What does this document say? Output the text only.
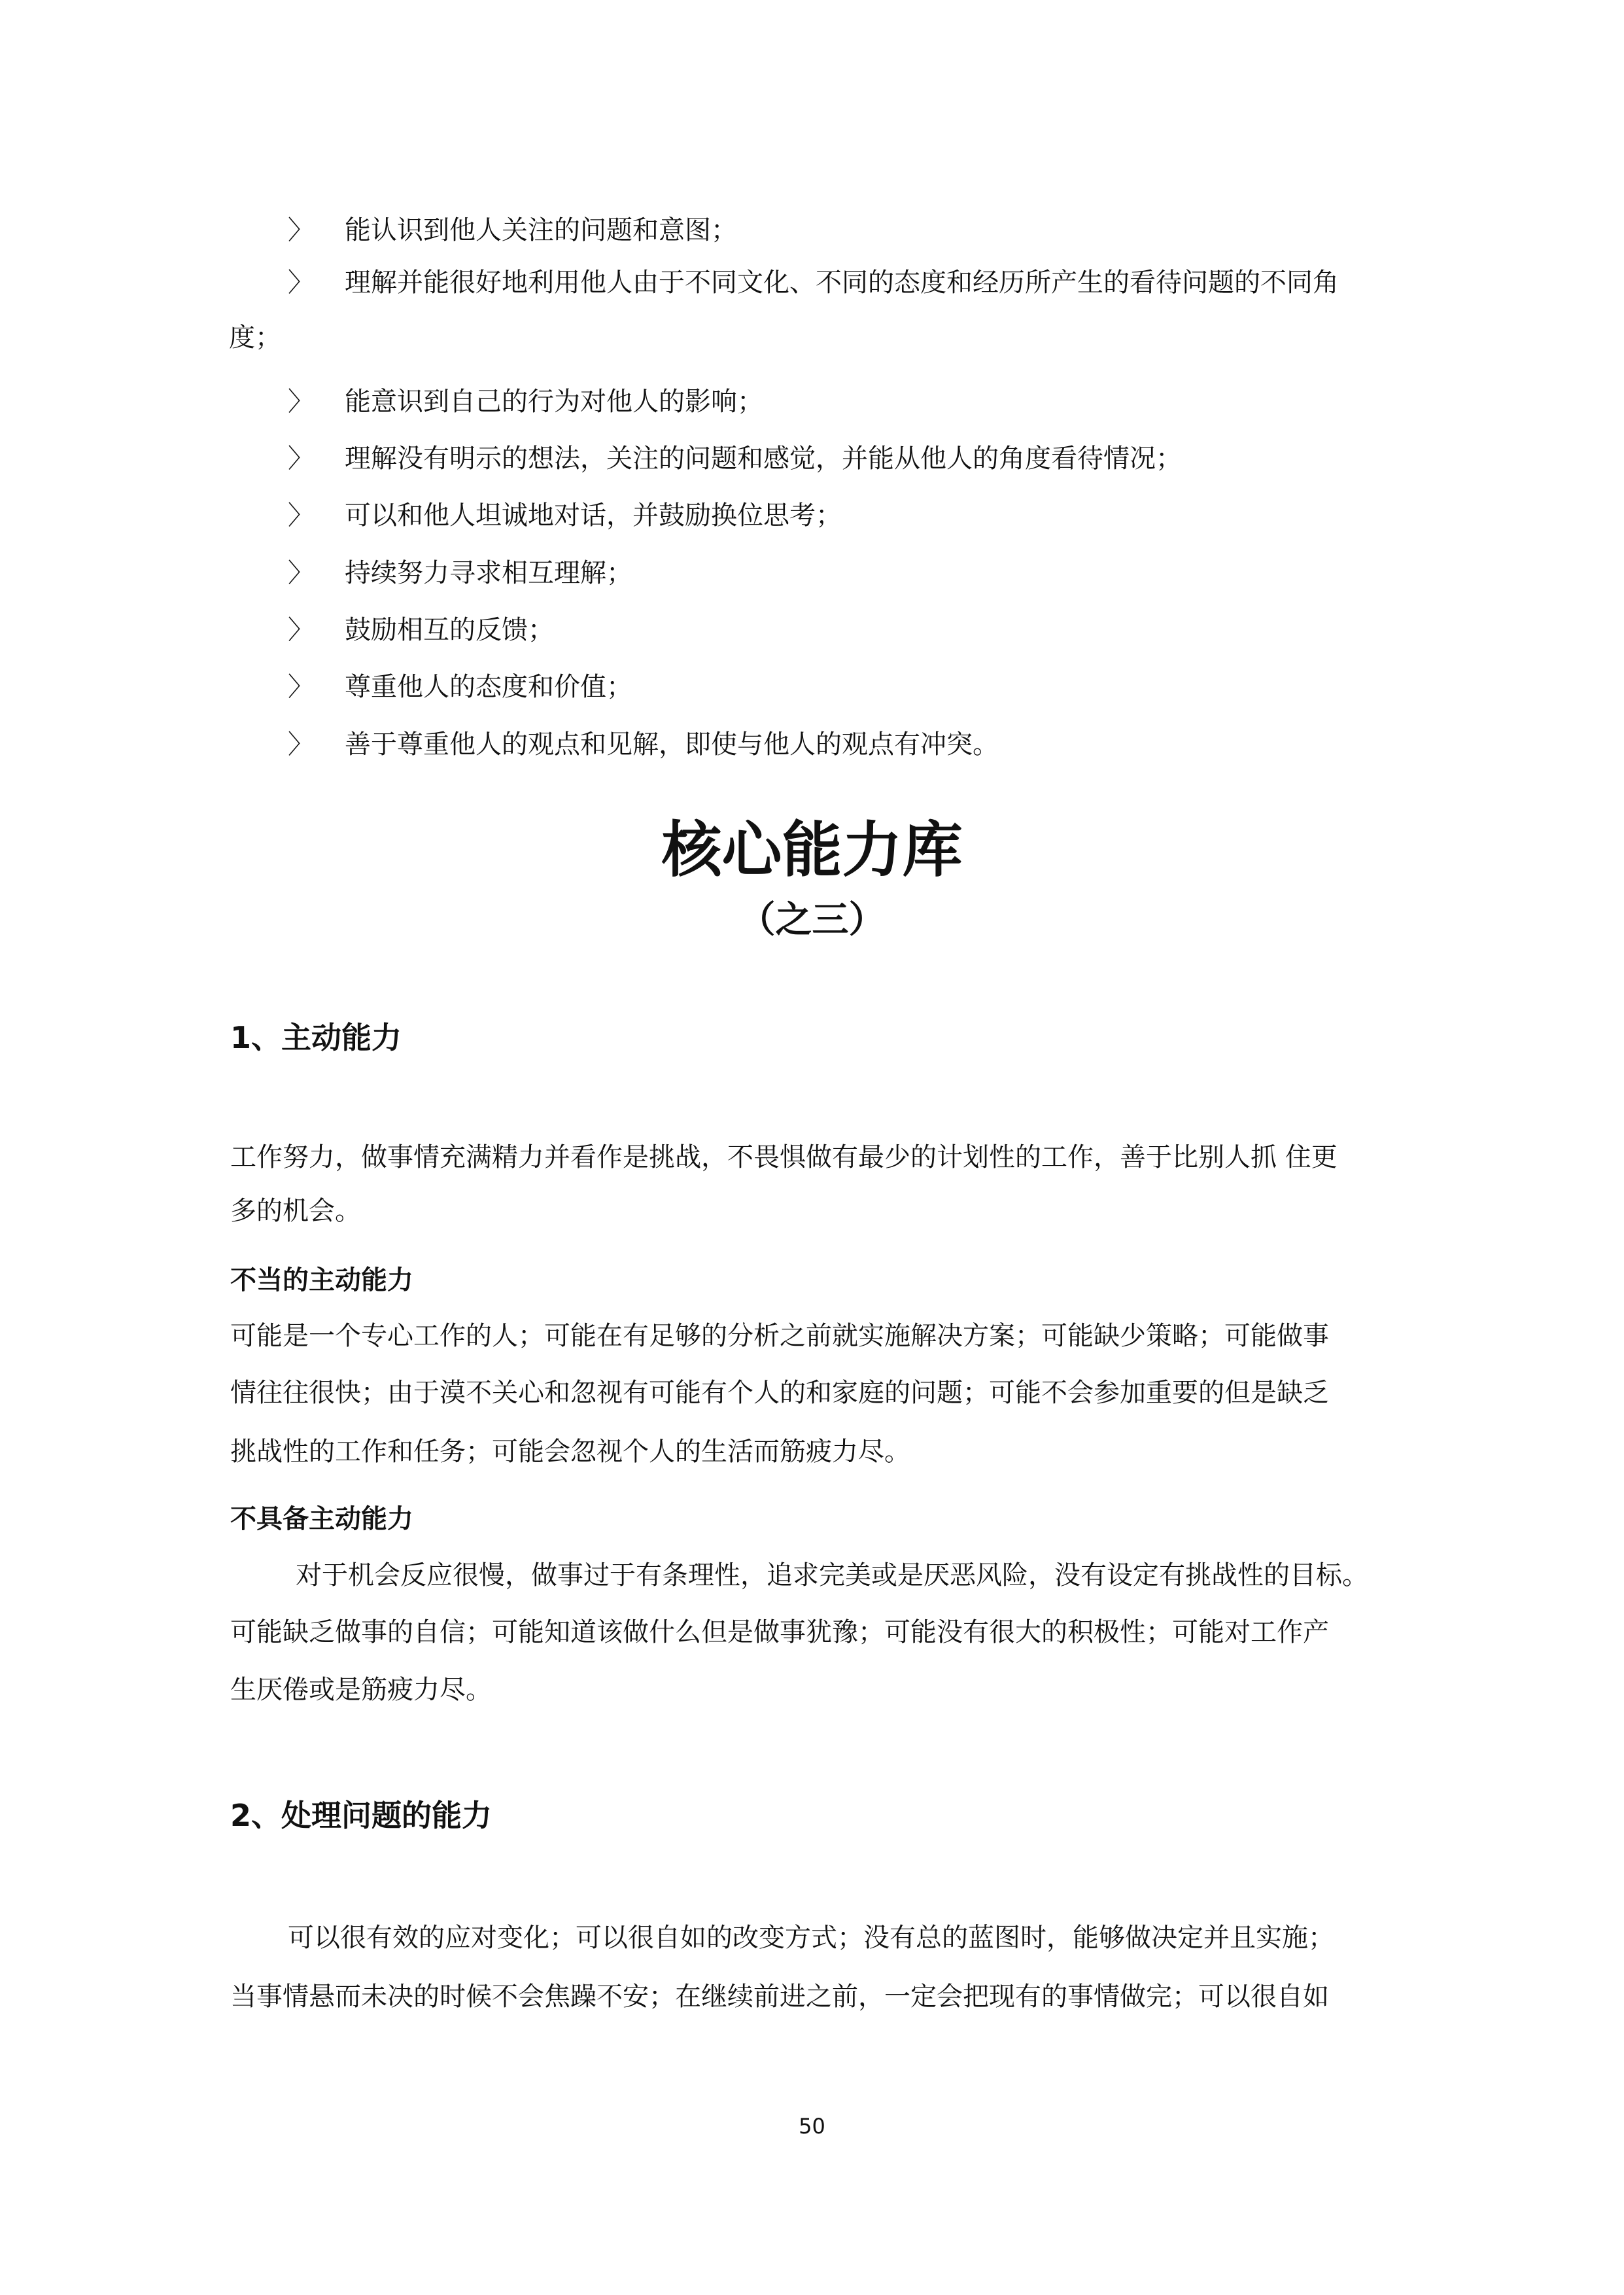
〉 能认识到他人关注的问题和意图；
〉 理解并能很好地利用他人由于不同文化、不同的态度和经历所产生的看待问题的不同角
度；
〉 能意识到自己的行为对他人的影响；
〉 理解没有明示的想法，关注的问题和感觉，并能从他人的角度看待情况；
〉 可以和他人坦诚地对话，并鼓励换位思考；
〉 持续努力寻求相互理解；
〉 鼓励相互的反馈；
〉 尊重他人的态度和价值；
〉 善于尊重他人的观点和见解，即使与他人的观点有冲突。
核心能力库
（之三）
1、主动能力
工作努力，做事情充满精力并看作是挑战，不畏惧做有最少的计划性的工作，善于比别人抓 住更
多的机会。
不当的主动能力
可能是一个专心工作的人；可能在有足够的分析之前就实施解决方案；可能缺少策略；可能做事
情往往很快；由于漠不关心和忽视有可能有个人的和家庭的问题；可能不会参加重要的但是缺乏
挑战性的工作和任务；可能会忽视个人的生活而筋疲力尽。
不具备主动能力
对于机会反应很慢，做事过于有条理性，追求完美或是厌恶风险，没有设定有挑战性的目标。
可能缺乏做事的自信；可能知道该做什么但是做事犹豫；可能没有很大的积极性；可能对工作产
生厌倦或是筋疲力尽。
2、处理问题的能力
可以很有效的应对变化；可以很自如的改变方式；没有总的蓝图时，能够做决定并且实施；
当事情悬而未决的时候不会焦躁不安；在继续前进之前，一定会把现有的事情做完；可以很自如
50
